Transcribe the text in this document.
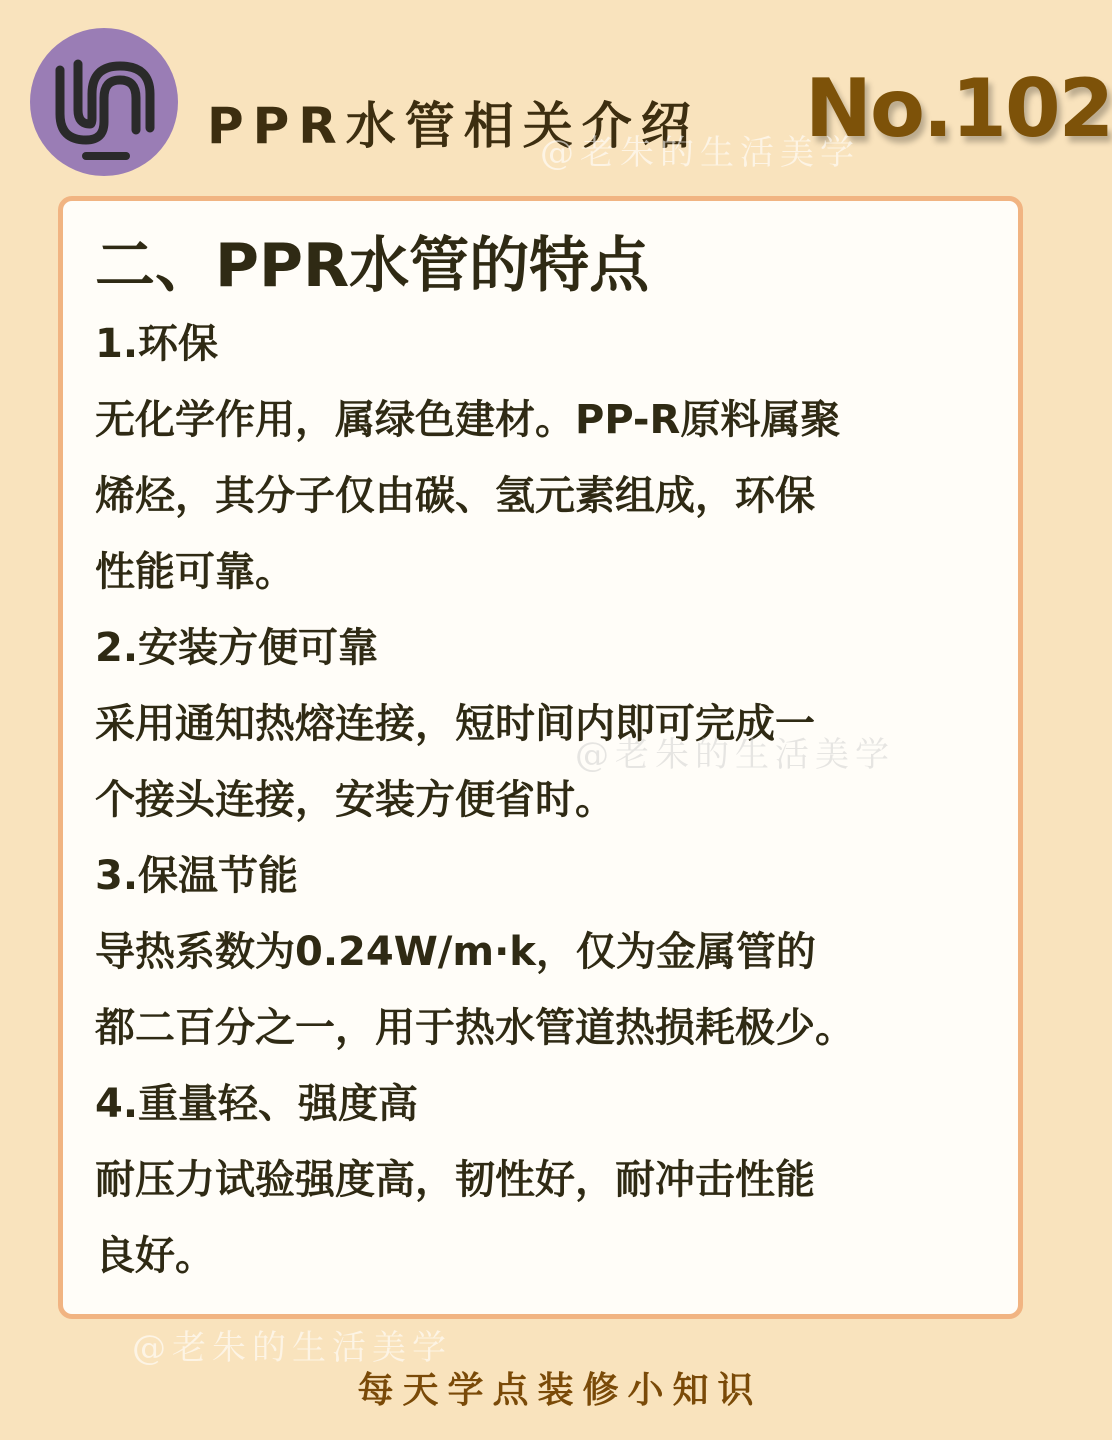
PPR水管相关介绍 No.102
@老朱的生活美学
二、PPR水管的特点
1.环保
无化学作用，属绿色建材。PP-R原料属聚
烯烃，其分子仅由碳、氢元素组成，环保
性能可靠。
2.安装方便可靠
采用通知热熔连接，短时间内即可完成一
个接头连接，安装方便省时。
3.保温节能
导热系数为0.24W/m·k，仅为金属管的
都二百分之一，用于热水管道热损耗极少。
4.重量轻、强度高
耐压力试验强度高，韧性好，耐冲击性能
良好。
@老朱的生活美学
@老朱的生活美学
每天学点装修小知识
